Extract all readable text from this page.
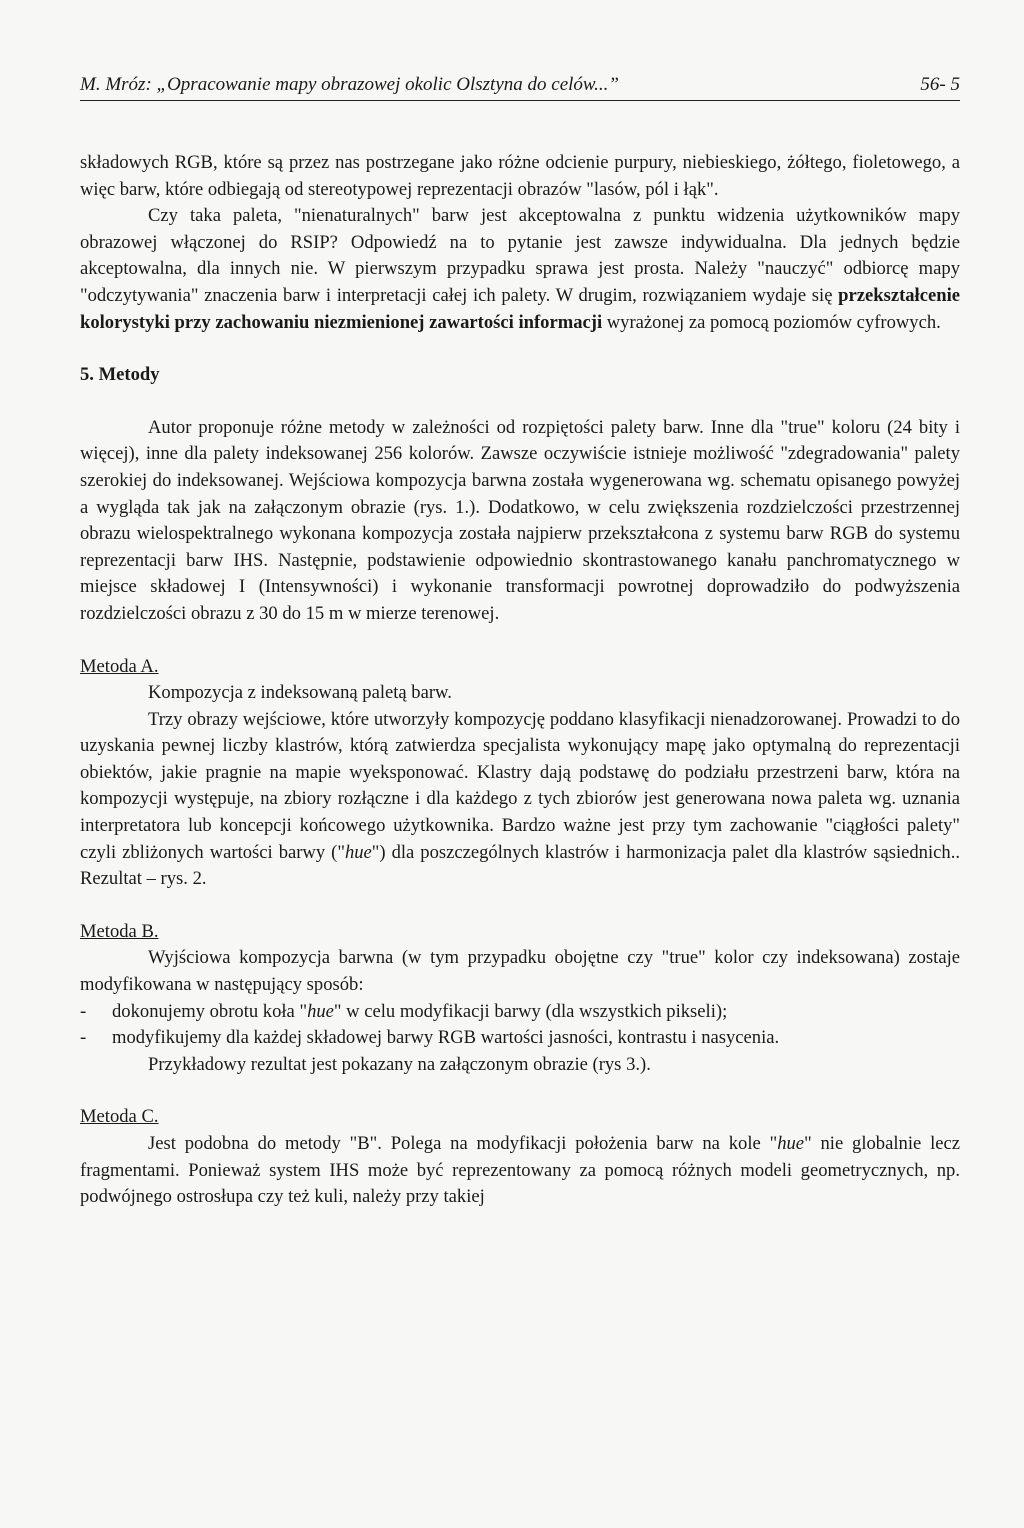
M. Mróz: „Opracowanie mapy obrazowej okolic Olsztyna do celów...”	56- 5

składowych RGB, które są przez nas postrzegane jako różne odcienie purpury, niebieskiego, żółtego, fioletowego, a więc barw, które odbiegają od stereotypowej reprezentacji obrazów "lasów, pól i łąk".

Czy taka paleta, "nienaturalnych" barw jest akceptowalna z punktu widzenia użytkowników mapy obrazowej włączonej do RSIP? Odpowiedź na to pytanie jest zawsze indywidualna. Dla jednych będzie akceptowalna, dla innych nie. W pierwszym przypadku sprawa jest prosta. Należy "nauczyć" odbiorcę mapy "odczytywania" znaczenia barw i interpretacji całej ich palety. W drugim, rozwiązaniem wydaje się przekształcenie kolorystyki przy zachowaniu niezmienionej zawartości informacji wyrażonej za pomocą poziomów cyfrowych.

5. Metody

Autor proponuje różne metody w zależności od rozpiętości palety barw. Inne dla "true" koloru (24 bity i więcej), inne dla palety indeksowanej 256 kolorów. Zawsze oczywiście istnieje możliwość "zdegradowania" palety szerokiej do indeksowanej. Wejściowa kompozycja barwna została wygenerowana wg. schematu opisanego powyżej a wygląda tak jak na załączonym obrazie (rys. 1.). Dodatkowo, w celu zwiększenia rozdzielczości przestrzennej obrazu wielospektralnego wykonana kompozycja została najpierw przekształcona z systemu barw RGB do systemu reprezentacji barw IHS. Następnie, podstawienie odpowiednio skontrastowanego kanału panchromatycznego w miejsce składowej I (Intensywności) i wykonanie transformacji powrotnej doprowadziło do podwyższenia rozdzielczości obrazu z 30 do 15 m w mierze terenowej.

Metoda A.

Kompozycja z indeksowaną paletą barw.

Trzy obrazy wejściowe, które utworzyły kompozycję poddano klasyfikacji nienadzorowanej. Prowadzi to do uzyskania pewnej liczby klastrów, którą zatwierdza specjalista wykonujący mapę jako optymalną do reprezentacji obiektów, jakie pragnie na mapie wyeksponować. Klastry dają podstawę do podziału przestrzeni barw, która na kompozycji występuje, na zbiory rozłączne i dla każdego z tych zbiorów jest generowana nowa paleta wg. uznania interpretatora lub koncepcji końcowego użytkownika. Bardzo ważne jest przy tym zachowanie "ciągłości palety" czyli zbliżonych wartości barwy ("hue") dla poszczególnych klastrów i harmonizacja palet dla klastrów sąsiednich.. Rezultat – rys. 2.

Metoda B.

Wyjściowa kompozycja barwna (w tym przypadku obojętne czy "true" kolor czy indeksowana) zostaje modyfikowana w następujący sposób:

-	dokonujemy obrotu koła "hue" w celu modyfikacji barwy (dla wszystkich pikseli);
-	modyfikujemy dla każdej składowej barwy RGB wartości jasności, kontrastu i nasycenia.

Przykładowy rezultat jest pokazany na załączonym obrazie (rys 3.).

Metoda C.

Jest podobna do metody "B". Polega na modyfikacji położenia barw na kole "hue" nie globalnie lecz fragmentami. Ponieważ system IHS może być reprezentowany za pomocą różnych modeli geometrycznych, np. podwójnego ostrosłupa czy też kuli, należy przy takiej
